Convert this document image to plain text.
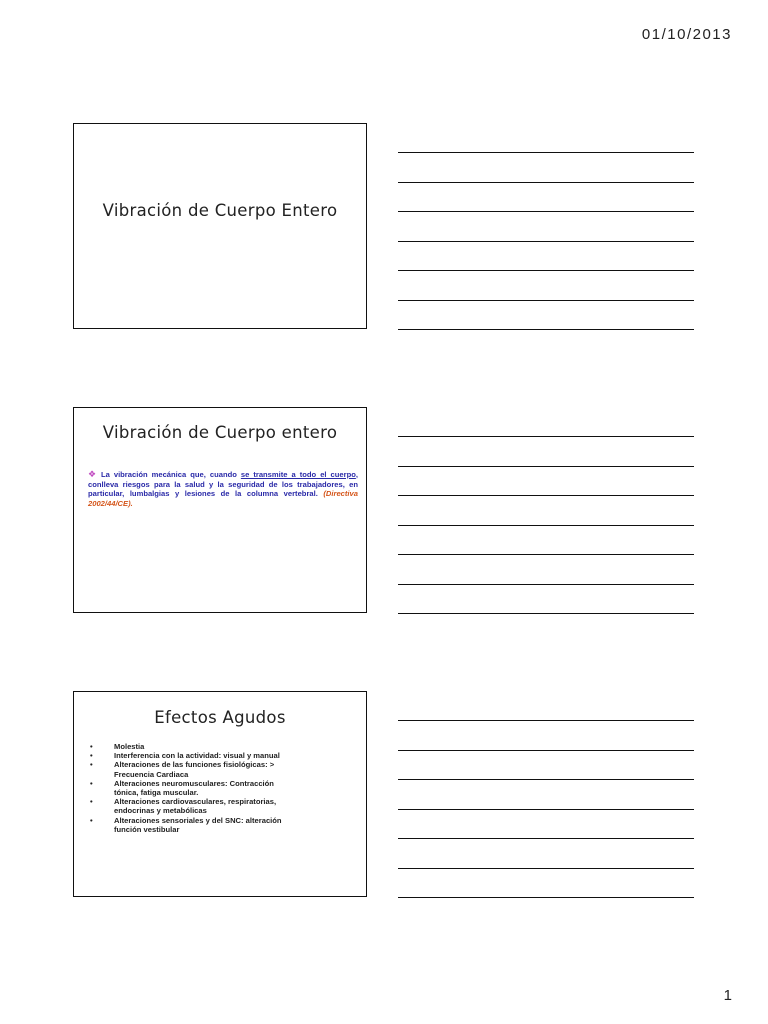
01/10/2013
Vibración de Cuerpo Entero
Vibración de Cuerpo entero
❖ La vibración mecánica que, cuando se transmite a todo el cuerpo, conlleva riesgos para la salud y la seguridad de los trabajadores, en particular, lumbalgias y lesiones de la columna vertebral. (Directiva 2002/44/CE).
Efectos Agudos
•	Molestia
•	Interferencia con la actividad: visual y manual
•	Alteraciones de las funciones fisiológicas: > Frecuencia Cardiaca
•	Alteraciones neuromusculares: Contracción tónica, fatiga muscular.
•	Alteraciones cardiovasculares, respiratorias, endocrinas y metabólicas
•	Alteraciones sensoriales y del SNC: alteración función vestibular
1
